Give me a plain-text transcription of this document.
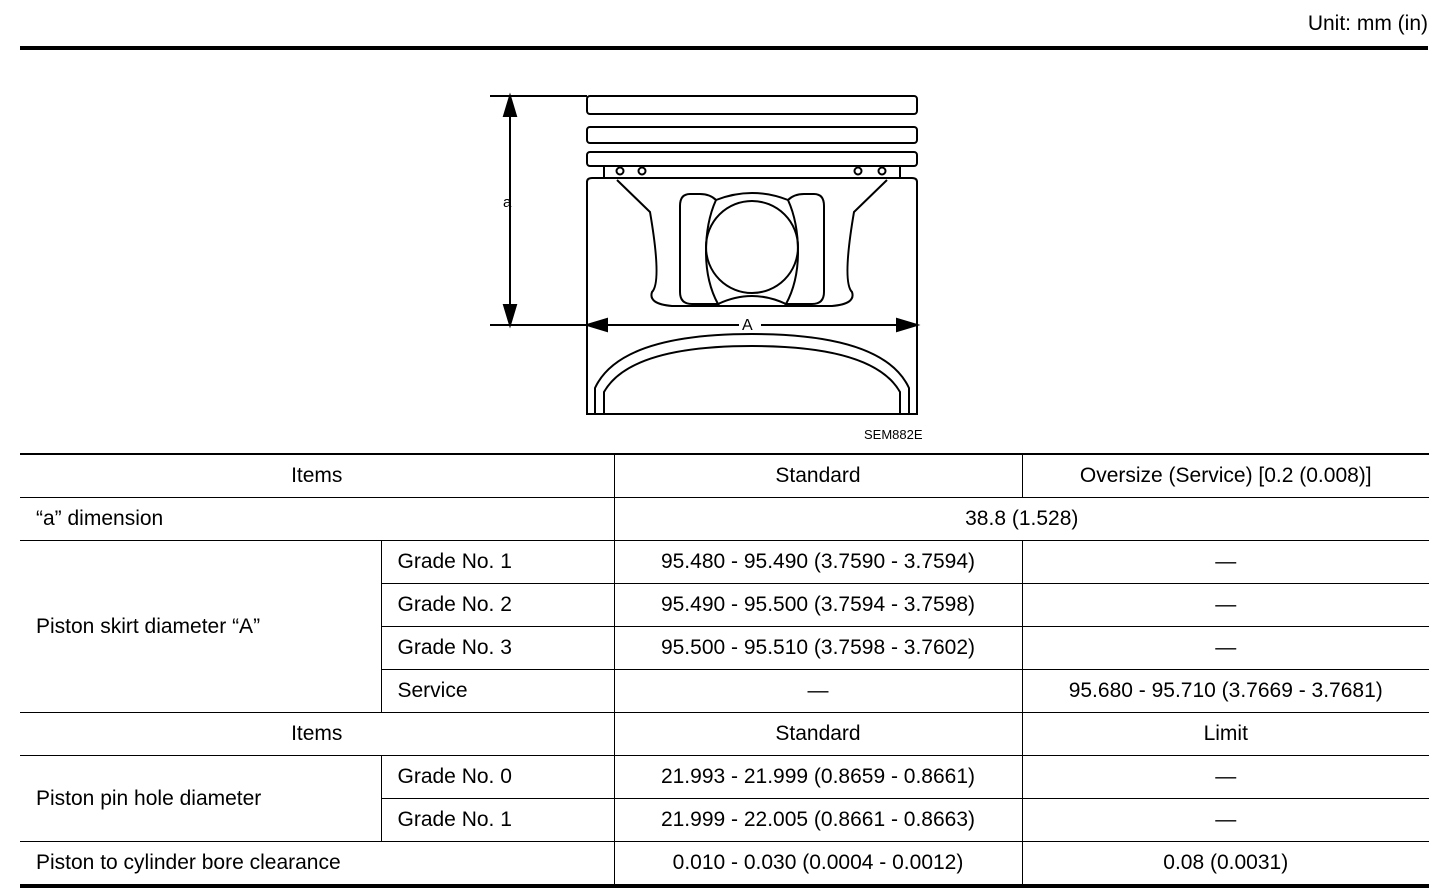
Unit: mm (in)
a
A
SEM882E
Items		Standard	Oversize (Service) [0.2 (0.008)]
“a” dimension		38.8 (1.528)	
Piston skirt diameter “A”	Grade No. 1	95.480 - 95.490 (3.7590 - 3.7594)	—
	Grade No. 2	95.490 - 95.500 (3.7594 - 3.7598)	—
	Grade No. 3	95.500 - 95.510 (3.7598 - 3.7602)	—
	Service	—	95.680 - 95.710 (3.7669 - 3.7681)
Items		Standard	Limit
Piston pin hole diameter	Grade No. 0	21.993 - 21.999 (0.8659 - 0.8661)	—
	Grade No. 1	21.999 - 22.005 (0.8661 - 0.8663)	—
Piston to cylinder bore clearance		0.010 - 0.030 (0.0004 - 0.0012)	0.08 (0.0031)
